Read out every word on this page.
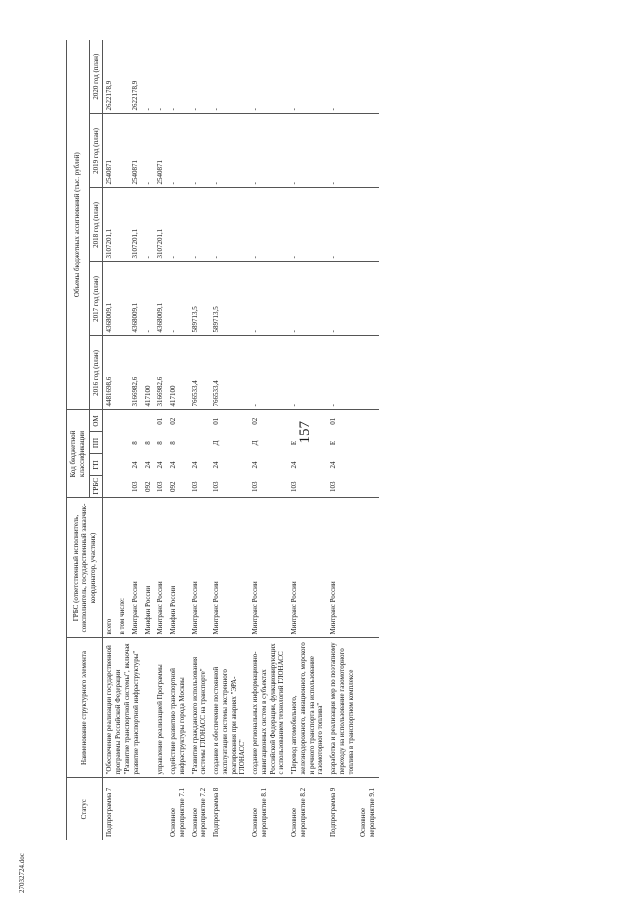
157
27032724.doc
Статус	Наименование структурного элемента	ГРБС (ответственный исполнитель, соисполнитель, государственный заказчик-координатор, участник)	Код бюджетной классификации				Объемы бюджетных ассигнований (тыс. рублей)				
			ГРБС	ГП	ПП	ОМ	2016 год (план)	2017 год (план)	2018 год (план)	2019 год (план)	2020 год (план)

Подпрограмма 7	"Обеспечение реализации государственной программы Российской Федерации "Развитие транспортной системы", включая развитие транспортной инфраструктуры"	всего					4481698,6	4368009,1	3107201,1	2540871	2622178,9
		в том числе:									
		Минтранс России	103	24	8		3166982,6	4368009,1	3107201,1	2540871	2622178,9
		Минфин России	092	24	8		417100	-	-	-	-
	управление реализацией Программы	Минтранс России	103	24	8	01	3166982,6	4368009,1	3107201,1	2540871	-
Основное мероприятие 7.1	содействие развитию транспортной инфраструктуры города Москвы	Минфин России	092	24	8	02	417100	-	-	-	-
Основное мероприятие 7.2	"Развитие гражданского использования системы ГЛОНАСС на транспорте"	Минтранс России	103	24			766533,4	589713,5	-	-	-
Подпрограмма 8	создание и обеспечение постоянной эксплуатации системы экстренного реагирования при авариях "ЭРА-ГЛОНАСС"	Минтранс России	103	24	Д	01	766533,4	589713,5	-	-	-
Основное мероприятие 8.1	создание региональных информационно-навигационных систем в субъектах Российской Федерации, функционирующих с использованием технологий ГЛОНАСС	Минтранс России	103	24	Д	02	-	-	-	-	-
Основное мероприятие 8.2	"Перевод автомобильного, железнодорожного, авиационного, морского и речного транспорта на использование газомоторного топлива"	Минтранс России	103	24	Е		-	-	-	-	-
Подпрограмма 9	разработка и реализация мер по поэтапному переходу на использование газомоторного топлива в транспортном комплексе	Минтранс России	103	24	Е	01	-	-	-	-	-
Основное мероприятие 9.1											
